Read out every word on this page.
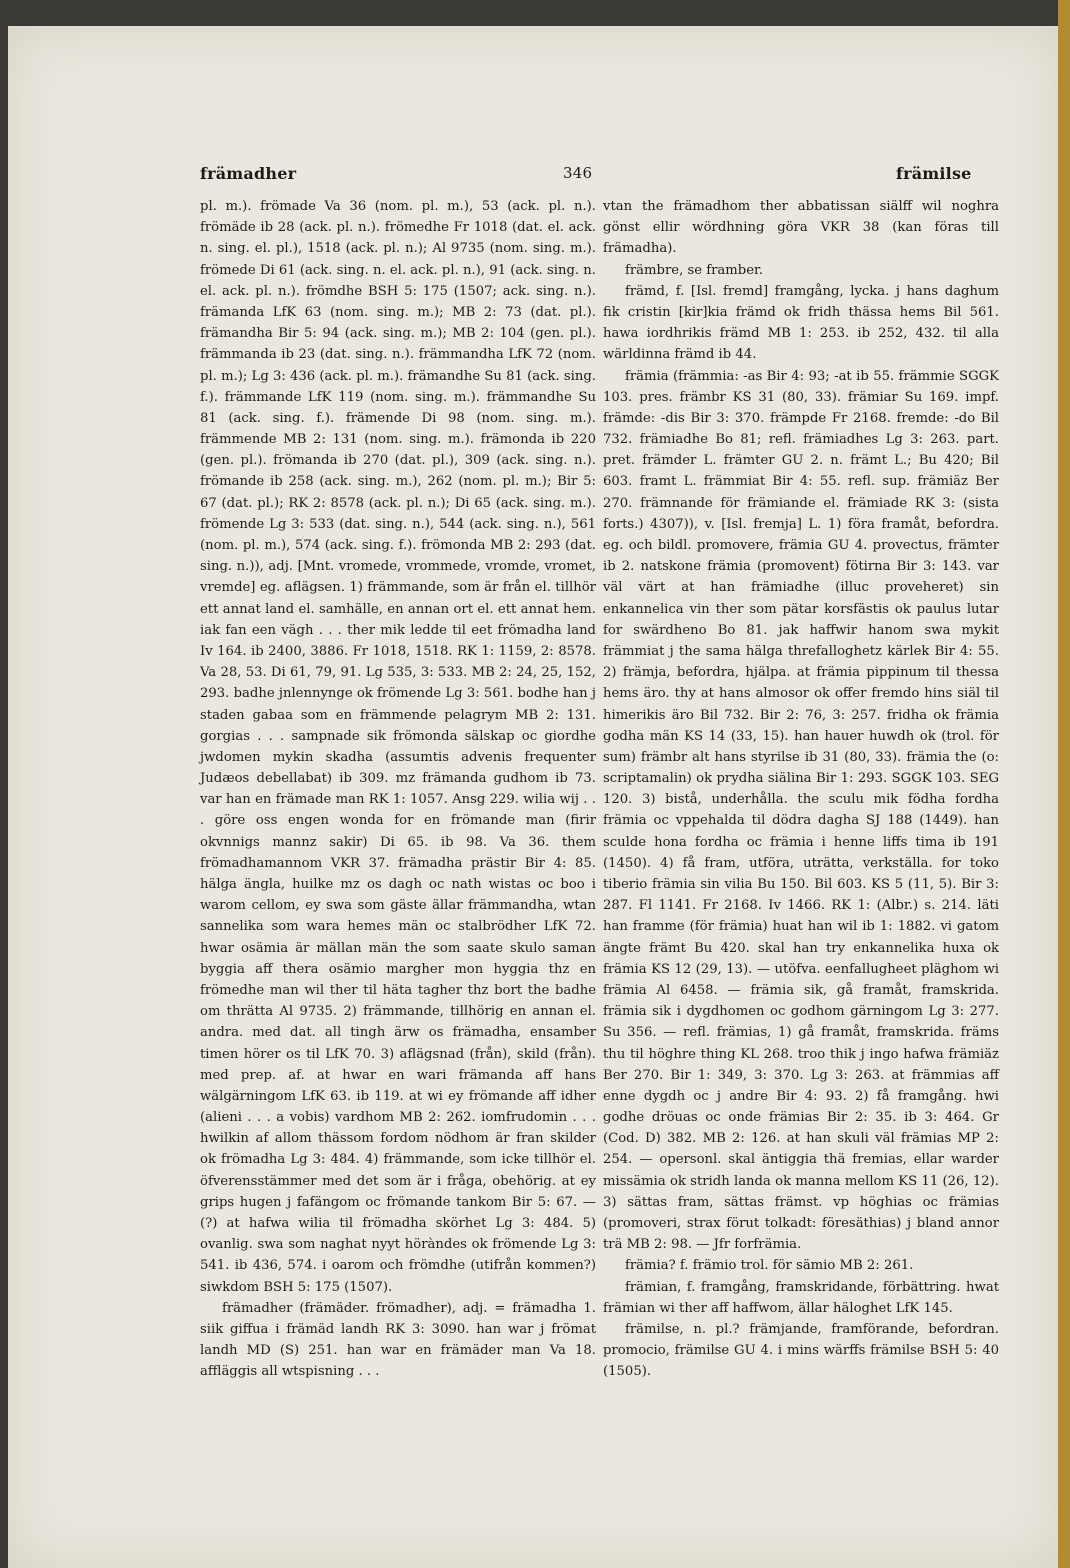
främadher	346	främilse

pl. m.). frömade Va 36 (nom. pl. m.), 53 (ack. pl. n.). frömäde ib 28 (ack. pl. n.). frömedhe Fr 1018 (dat. el. ack. n. sing. el. pl.), 1518 (ack. pl. n.); Al 9735 (nom. sing. m.). frömede Di 61 (ack. sing. n. el. ack. pl. n.), 91 (ack. sing. n. el. ack. pl. n.). frömdhe BSH 5: 175 (1507; ack. sing. n.). främanda LfK 63 (nom. sing. m.); MB 2: 73 (dat. pl.). främandha Bir 5: 94 (ack. sing. m.); MB 2: 104 (gen. pl.). främmanda ib 23 (dat. sing. n.). främmandha LfK 72 (nom. pl. m.); Lg 3: 436 (ack. pl. m.). främandhe Su 81 (ack. sing. f.). främmande LfK 119 (nom. sing. m.). främmandhe Su 81 (ack. sing. f.). främende Di 98 (nom. sing. m.). främmende MB 2: 131 (nom. sing. m.). främonda ib 220 (gen. pl.). frömanda ib 270 (dat. pl.), 309 (ack. sing. n.). frömande ib 258 (ack. sing. m.), 262 (nom. pl. m.); Bir 5: 67 (dat. pl.); RK 2: 8578 (ack. pl. n.); Di 65 (ack. sing. m.). frömende Lg 3: 533 (dat. sing. n.), 544 (ack. sing. n.), 561 (nom. pl. m.), 574 (ack. sing. f.). frömonda MB 2: 293 (dat. sing. n.)), adj. [Mnt. vromede, vrommede, vromde, vromet, vremde] eg. aflägsen. 1) främmande, som är från el. tillhör ett annat land el. samhälle, en annan ort el. ett annat hem. iak fan een vägh . . . ther mik ledde til eet frömadha land Iv 164. ib 2400, 3886. Fr 1018, 1518. RK 1: 1159, 2: 8578. Va 28, 53. Di 61, 79, 91. Lg 535, 3: 533. MB 2: 24, 25, 152, 293. badhe jnlennynge ok frömende Lg 3: 561. bodhe han j staden gabaa som en främmende pelagrym MB 2: 131. gorgias . . . sampnade sik frömonda sälskap oc giordhe jwdomen mykin skadha (assumtis advenis frequenter Judæos debellabat) ib 309. mz främanda gudhom ib 73. var han en främade man RK 1: 1057. Ansg 229. wilia wij . . . göre oss engen wonda for en frömande man (firir okvnnigs mannz sakir) Di 65. ib 98. Va 36. them frömadhamannom VKR 37. främadha prästir Bir 4: 85. hälga ängla, huilke mz os dagh oc nath wistas oc boo i warom cellom, ey swa som gäste ällar främmandha, wtan sannelika som wara hemes män oc stalbrödher LfK 72. hwar osämia är mällan män the som saate skulo saman byggia aff thera osämio margher mon hyggia thz en frömedhe man wil ther til häta tagher thz bort the badhe om thrätta Al 9735. 2) främmande, tillhörig en annan el. andra. med dat. all tingh ärw os främadha, ensamber timen hörer os til LfK 70. 3) aflägsnad (från), skild (från). med prep. af. at hwar en wari främanda aff hans wälgärningom LfK 63. ib 119. at wi ey frömande aff idher (alieni . . . a vobis) vardhom MB 2: 262. iomfrudomin . . . hwilkin af allom thässom fordom nödhom är fran skilder ok frömadha Lg 3: 484. 4) främmande, som icke tillhör el. öfverensstämmer med det som är i fråga, obehörig. at ey grips hugen j fafängom oc frömande tankom Bir 5: 67. — (?) at hafwa wilia til frömadha skörhet Lg 3: 484. 5) ovanlig. swa som naghat nyyt höràndes ok frömende Lg 3: 541. ib 436, 574. i oarom och frömdhe (utifrån kommen?) siwkdom BSH 5: 175 (1507).

främadher (främäder. frömadher), adj. = främadha 1. siik giffua i främäd landh RK 3: 3090. han war j frömat landh MD (S) 251. han war en främäder man Va 18. affläggis all wtspisning . . .

vtan the främadhom ther abbatissan siälff wil noghra gönst ellir wördhning göra VKR 38 (kan föras till främadha).

främbre, se framber.

främd, f. [Isl. fremd] framgång, lycka. j hans daghum fik cristin [kir]kia främd ok fridh thässa hems Bil 561. hawa iordhrikis främd MB 1: 253. ib 252, 432. til alla wärldinna främd ib 44.

främia (främmia: -as Bir 4: 93; -at ib 55. främmie SGGK 103. pres. främbr KS 31 (80, 33). främiar Su 169. impf. främde: -dis Bir 3: 370. främpde Fr 2168. fremde: -do Bil 732. främiadhe Bo 81; refl. främiadhes Lg 3: 263. part. pret. främder L. främter GU 2. n. främt L.; Bu 420; Bil 603. framt L. främmiat Bir 4: 55. refl. sup. främiäz Ber 270. främnande för främiande el. främiade RK 3: (sista forts.) 4307)), v. [Isl. fremja] L. 1) föra framåt, befordra. eg. och bildl. promovere, främia GU 4. provectus, främter ib 2. natskone främia (promovent) fötirna Bir 3: 143. var väl värt at han främiadhe (illuc proveheret) sin enkannelica vin ther som pätar korsfästis ok paulus lutar for swärdheno Bo 81. jak haffwir hanom swa mykit främmiat j the sama hälga threfalloghetz kärlek Bir 4: 55. 2) främja, befordra, hjälpa. at främia pippinum til thessa hems äro. thy at hans almosor ok offer fremdo hins siäl til himerikis äro Bil 732. Bir 2: 76, 3: 257. fridha ok främia godha män KS 14 (33, 15). han hauer huwdh ok (trol. för sum) främbr alt hans styrilse ib 31 (80, 33). främia the (o: scriptamalin) ok prydha siälina Bir 1: 293. SGGK 103. SEG 120. 3) bistå, underhålla. the sculu mik födha fordha främia oc vppehalda til dödra dagha SJ 188 (1449). han sculde hona fordha oc främia i henne liffs tima ib 191 (1450). 4) få fram, utföra, uträtta, verkställa. for toko tiberio främia sin vilia Bu 150. Bil 603. KS 5 (11, 5). Bir 3: 287. Fl 1141. Fr 2168. Iv 1466. RK 1: (Albr.) s. 214. läti han framme (för främia) huat han wil ib 1: 1882. vi gatom ängte främt Bu 420. skal han try enkannelika huxa ok främia KS 12 (29, 13). — utöfva. eenfallugheet pläghom wi främia Al 6458. — främia sik, gå framåt, framskrida. främia sik i dygdhomen oc godhom gärningom Lg 3: 277. Su 356. — refl. främias, 1) gå framåt, framskrida. främs thu til höghre thing KL 268. troo thik j ingo hafwa främiäz Ber 270. Bir 1: 349, 3: 370. Lg 3: 263. at främmias aff enne dygdh oc j andre Bir 4: 93. 2) få framgång. hwi godhe dröuas oc onde främias Bir 2: 35. ib 3: 464. Gr (Cod. D) 382. MB 2: 126. at han skuli väl främias MP 2: 254. — opersonl. skal äntiggia thä fremias, ellar warder missämia ok stridh landa ok manna mellom KS 11 (26, 12). 3) sättas fram, sättas främst. vp höghias oc främias (promoveri, strax förut tolkadt: föresäthias) j bland annor trä MB 2: 98. — Jfr forfrämia.

främia? f. främio trol. för sämio MB 2: 261.

främian, f. framgång, framskridande, förbättring. hwat främian wi ther aff haffwom, ällar häloghet LfK 145.

främilse, n. pl.? främjande, framförande, befordran. promocio, främilse GU 4. i mins wärffs främilse BSH 5: 40 (1505).
